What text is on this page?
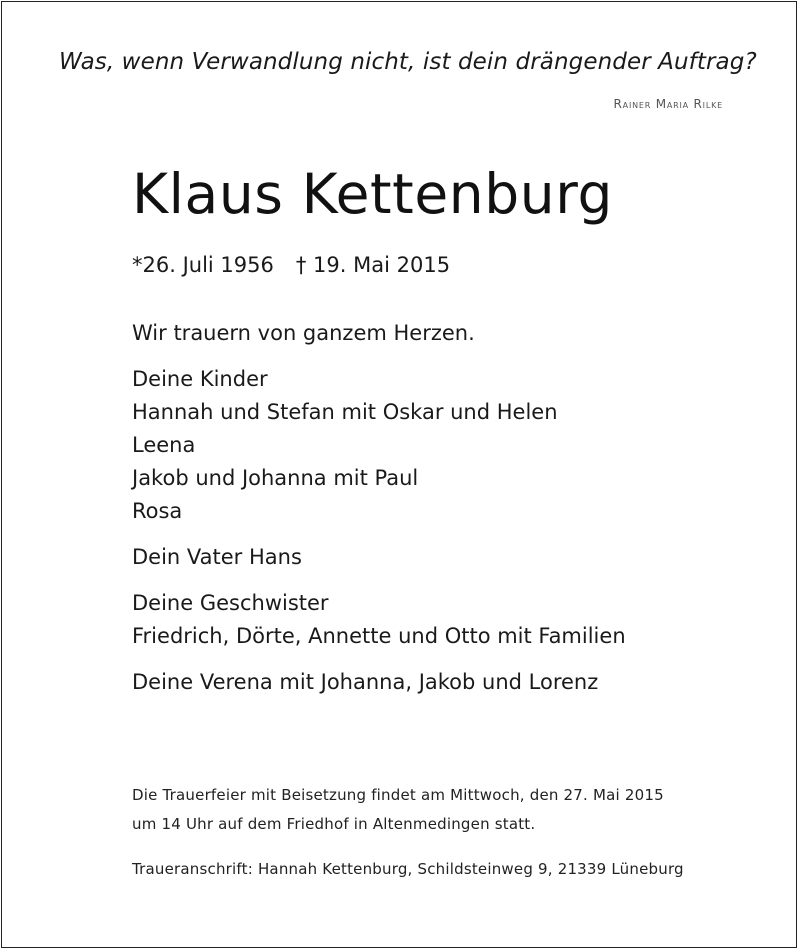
Was, wenn Verwandlung nicht, ist dein drängender Auftrag?
Rainer Maria Rilke
Klaus Kettenburg
*26. Juli 1956 † 19. Mai 2015
Wir trauern von ganzem Herzen.
Deine Kinder
Hannah und Stefan mit Oskar und Helen
Leena
Jakob und Johanna mit Paul
Rosa
Dein Vater Hans
Deine Geschwister
Friedrich, Dörte, Annette und Otto mit Familien
Deine Verena mit Johanna, Jakob und Lorenz
Die Trauerfeier mit Beisetzung findet am Mittwoch, den 27. Mai 2015
um 14 Uhr auf dem Friedhof in Altenmedingen statt.
Traueranschrift: Hannah Kettenburg, Schildsteinweg 9, 21339 Lüneburg
